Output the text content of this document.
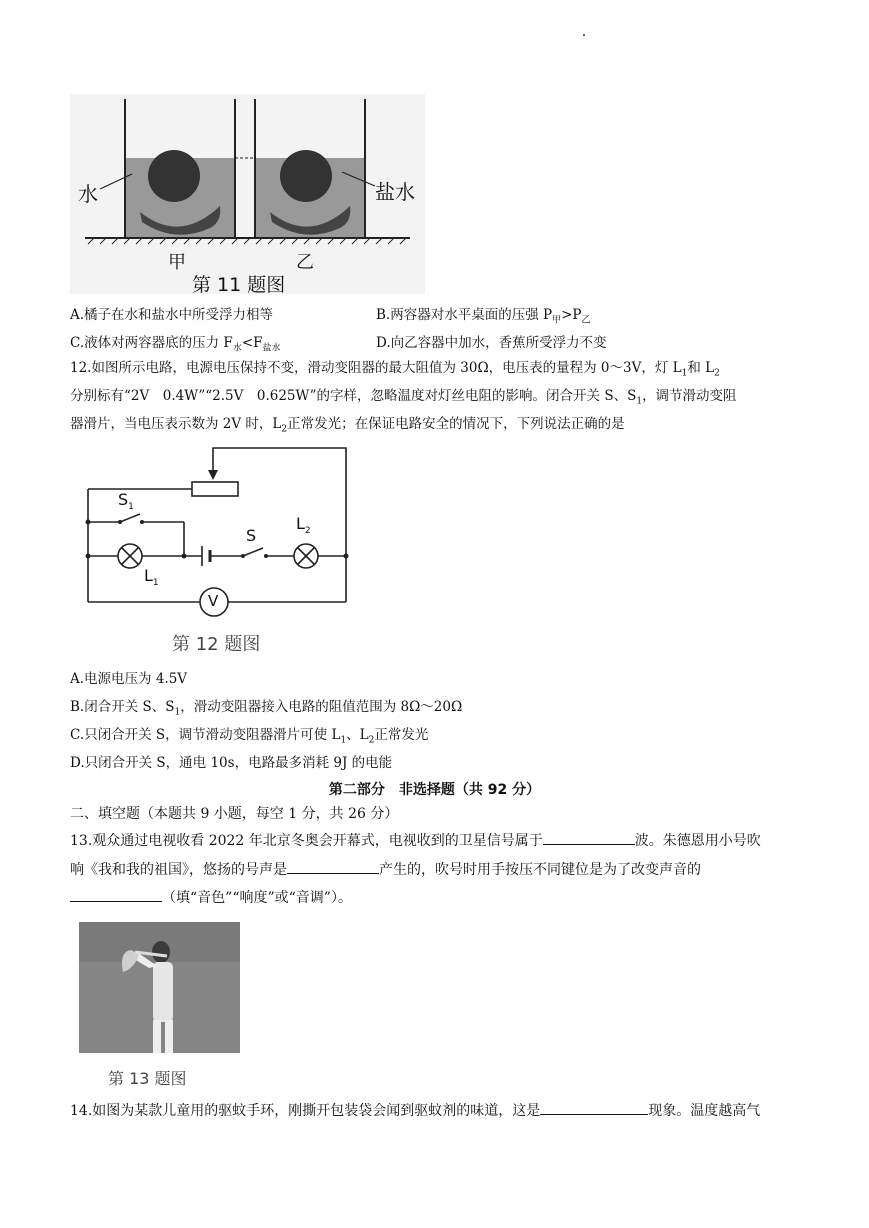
水	盐水
甲	乙
第 11 题图
A.橘子在水和盐水中所受浮力相等	B.两容器对水平桌面的压强 $P_甲>P_乙$
C.液体对两容器底的压力 $F_水<F_{盐水}$	D.向乙容器中加水，香蕉所受浮力不变
12.如图所示电路，电源电压保持不变，滑动变阻器的最大阻值为 30Ω，电压表的量程为 0～3V，灯 $L_1$和 $L_2$
分别标有“2V　0.4W”“2.5V　0.625W”的字样，忽略温度对灯丝电阻的影响。闭合开关 S、$S_1$，调节滑动变阻
器滑片，当电压表示数为 2V 时，$L_2$正常发光；在保证电路安全的情况下，下列说法正确的是
$S_1$
S
$L_1$
$L_2$
V
第 12 题图
A.电源电压为 4.5V
B.闭合开关 S、$S_1$，滑动变阻器接入电路的阻值范围为 8Ω～20Ω
C.只闭合开关 S，调节滑动变阻器滑片可使 $L_1$、$L_2$正常发光
D.只闭合开关 S，通电 10s，电路最多消耗 9J 的电能
第二部分　非选择题（共 92 分）
二、填空题（本题共 9 小题，每空 1 分，共 26 分）
13.观众通过电视收看 2022 年北京冬奥会开幕式，电视收到的卫星信号属于	波。朱德恩用小号吹
响《我和我的祖国》，悠扬的号声是	产生的，吹号时用手按压不同键位是为了改变声音的
（填“音色”“响度”或“音调”）。
第 13 题图
14.如图为某款儿童用的驱蚊手环，刚撕开包装袋会闻到驱蚊剂的味道，这是	现象。温度越高气
